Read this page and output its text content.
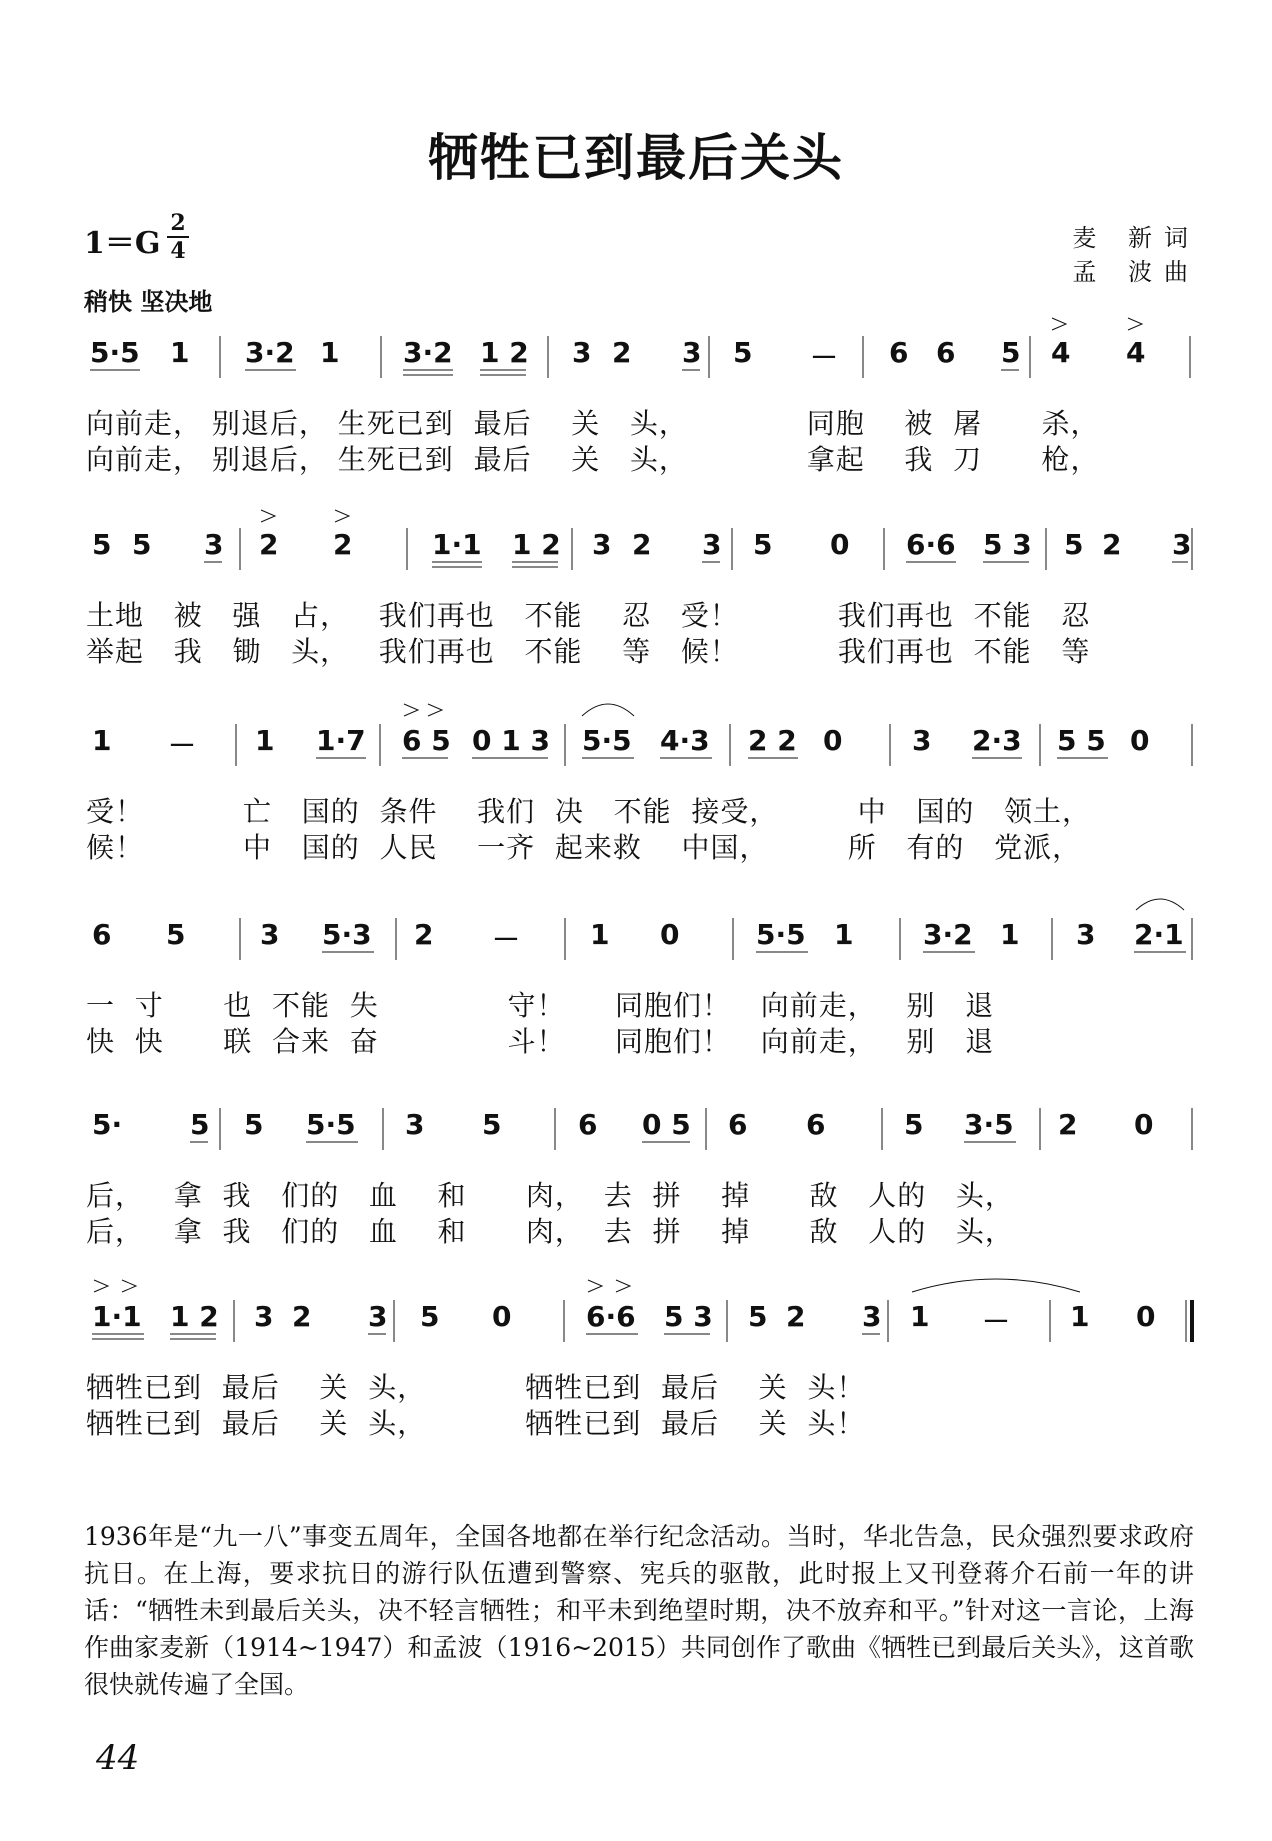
牺牲已到最后关头
1＝G
2
4
稍快 坚决地
麦 新词
孟 波曲
5·5 1 3·2 1 3·2 1 2 3 2 3 5 － 6 6 5 4 4
向前走， 别退后， 生死已到  最后    关   头，            同胞    被  屠      杀，
向前走， 别退后， 生死已到  最后    关   头，            拿起    我  刀      枪，
5 5 3 2 2	1·1 1 2 3 2 3 5 0 6·6 5 3 5 2 3
土地   被   强   占，   我们再也   不能    忍   受！          我们再也  不能   忍
举起   我   锄   头，   我们再也   不能    等   候！          我们再也  不能   等
1 － 1 1·7 6 5 0 1 3 5·5 4·3 2 2 0 3 2·3 5 5 0
受！          亡   国的  条件    我们  决   不能  接受，        中   国的   领土，
候！          中   国的  人民    一齐  起来救    中国，        所   有的   党派，
6 5	3 5·3 2 － 1 0	5·5 1 3·2 1 3 2·1
一  寸      也  不能  失             守！     同胞们！   向前走，   别   退
快  快      联  合来  奋             斗！     同胞们！   向前走，   别   退
5· 5 5 5·5 3 5	6 0 5 6 6	5 3·5 2 0
后，   拿  我   们的   血    和      肉，  去  拼    掉      敌   人的   头，
后，   拿  我   们的   血    和      肉，  去  拼    掉      敌   人的   头，
1·1 1 2 3 2 3 5 0	6·6 5 3 5 2 3 1 － 1 0
牺牲已到  最后    关  头，          牺牲已到  最后    关  头！
牺牲已到  最后    关  头，          牺牲已到  最后    关  头！
1936年是“九一八”事变五周年，全国各地都在举行纪念活动。当时，华北告急，民众强烈要求政府抗日。在上海，要求抗日的游行队伍遭到警察、宪兵的驱散，此时报上又刊登蒋介石前一年的讲话：“牺牲未到最后关头，决不轻言牺牲；和平未到绝望时期，决不放弃和平。”针对这一言论，上海作曲家麦新（1914~1947）和孟波（1916~2015）共同创作了歌曲《牺牲已到最后关头》，这首歌很快就传遍了全国。
44
